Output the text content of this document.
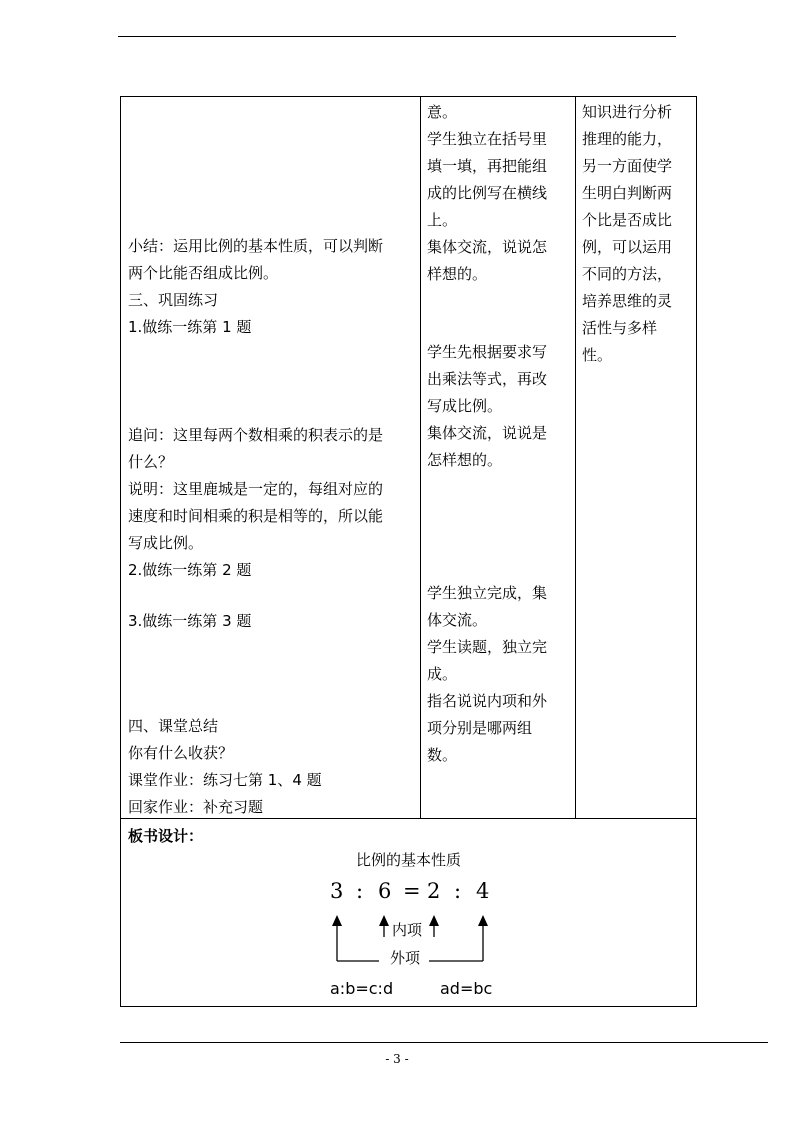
小结：运用比例的基本性质，可以判断
两个比能否组成比例。
三、巩固练习
1.做练一练第 1 题
追问：这里每两个数相乘的积表示的是
什么？
说明：这里鹿城是一定的，每组对应的
速度和时间相乘的积是相等的，所以能
写成比例。
2.做练一练第 2 题
3.做练一练第 3 题
四、课堂总结
你有什么收获？
课堂作业：练习七第 1、4 题
回家作业：补充习题
意。
学生独立在括号里
填一填，再把能组
成的比例写在横线
上。
集体交流，说说怎
样想的。
学生先根据要求写
出乘法等式，再改
写成比例。
集体交流，说说是
怎样想的。
学生独立完成，集
体交流。
学生读题，独立完
成。
指名说说内项和外
项分别是哪两组
数。
知识进行分析
推理的能力，
另一方面使学
生明白判断两
个比是否成比
例，可以运用
不同的方法，
培养思维的灵
活性与多样
性。
板书设计：
比例的基本性质
3 : 6 = 2 : 4
内项
外项
a:b=c:d	ad=bc
- 3 -
